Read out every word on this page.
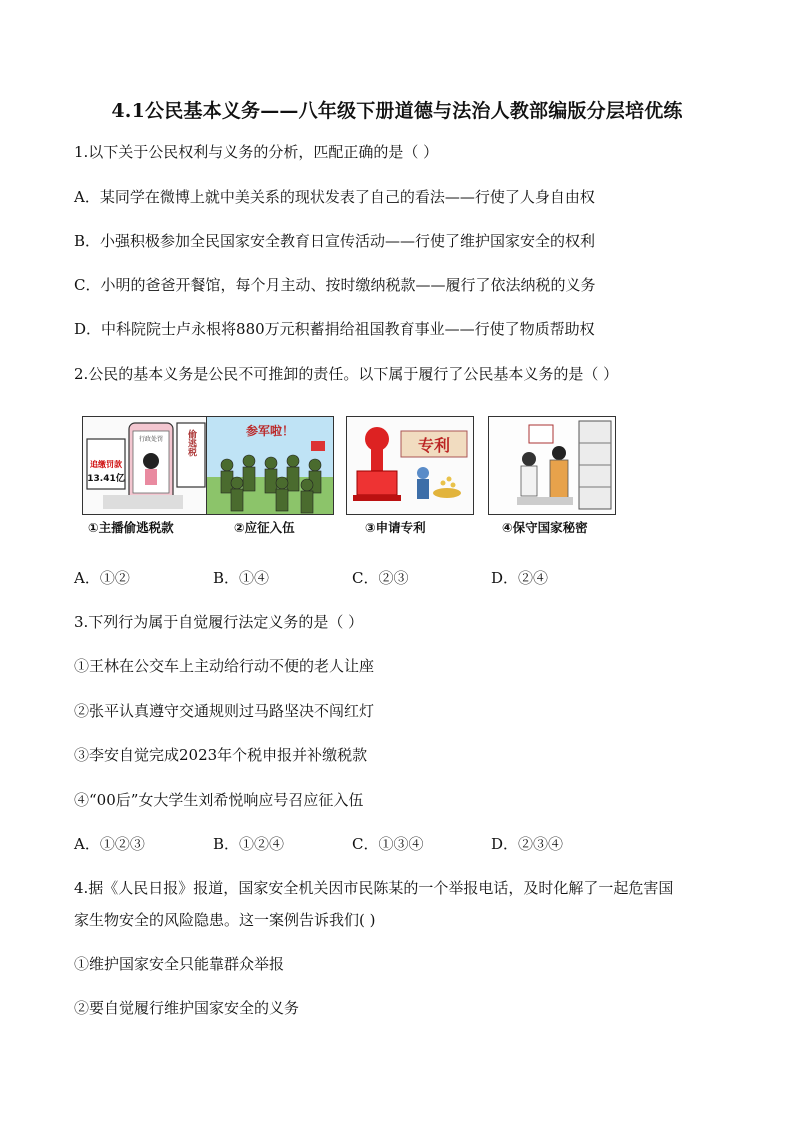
4.1公民基本义务——八年级下册道德与法治人教部编版分层培优练
1.以下关于公民权利与义务的分析，匹配正确的是（ ）
A．某同学在微博上就中美关系的现状发表了自己的看法——行使了人身自由权
B．小强积极参加全民国家安全教育日宣传活动——行使了维护国家安全的权利
C．小明的爸爸开餐馆，每个月主动、按时缴纳税款——履行了依法纳税的义务
D．中科院院士卢永根将880万元积蓄捐给祖国教育事业——行使了物质帮助权
2.公民的基本义务是公民不可推卸的责任。以下属于履行了公民基本义务的是（ ）
追缴罚款
13.41亿
行政处罚	偷逃税
①主播偷逃税款
参军啦！
②应征入伍
专利
③申请专利	④保守国家秘密
A．①②	B．①④	C．②③	D．②④
3.下列行为属于自觉履行法定义务的是（ ）
①王林在公交车上主动给行动不便的老人让座
②张平认真遵守交通规则过马路坚决不闯红灯
③李安自觉完成2023年个税申报并补缴税款
④“00后”女大学生刘希悦响应号召应征入伍
A．①②③	B．①②④	C．①③④	D．②③④
4.据《人民日报》报道，国家安全机关因市民陈某的一个举报电话，及时化解了一起危害国
家生物安全的风险隐患。这一案例告诉我们( )
①维护国家安全只能靠群众举报
②要自觉履行维护国家安全的义务
